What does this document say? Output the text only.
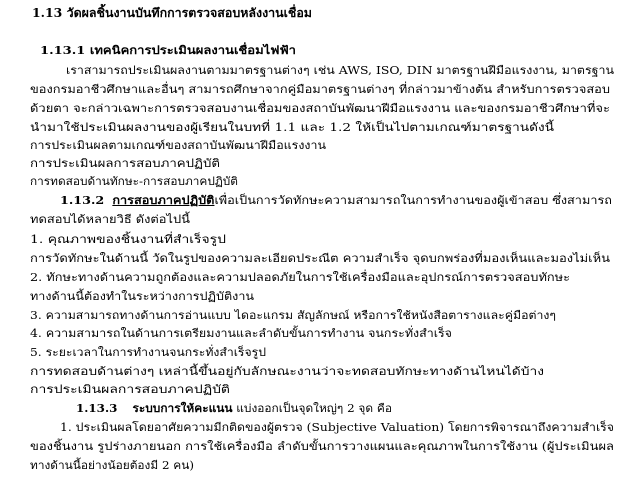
1.13 วัดผลชิ้นงานบันทึกการตรวจสอบหลังงานเชื่อม
1.13.1 เทคนิคการประเมินผลงานเชื่อมไฟฟ้า
เราสามารถประเมินผลงานตามมาตรฐานต่างๆ เช่น AWS, ISO, DIN มาตรฐานฝีมือแรงงาน, มาตรฐาน
ของกรมอาชีวศึกษาและอื่นๆ สามารถศึกษาจากคู่มือมาตรฐานต่างๆ ที่กล่าวมาข้างต้น สำหรับการตรวจสอบ
ด้วยตา จะกล่าวเฉพาะการตรวจสอบงานเชื่อมของสถาบันพัฒนาฝีมือแรงงาน และของกรมอาชีวศึกษาที่จะ
นำมาใช้ประเมินผลงานของผู้เรียนในบทที่ 1.1 และ 1.2 ให้เป็นไปตามเกณฑ์มาตรฐานดังนี้
การประเมินผลตามเกณฑ์ของสถาบันพัฒนาฝีมือแรงงาน
การประเมินผลการสอบภาคปฏิบัติ
การทดสอบด้านทักษะ-การสอบภาคปฏิบัติ
1.13.2 การสอบภาคปฏิบัติเพื่อเป็นการวัดทักษะความสามารถในการทำงานของผู้เข้าสอบ ซึ่งสามารถ
ทดสอบได้หลายวิธี ดังต่อไปนี้
1. คุณภาพของชิ้นงานที่สำเร็จรูป
การวัดทักษะในด้านนี้ วัดในรูปของความละเอียดประณีต ความสำเร็จ จุดบกพร่องที่มองเห็นและมองไม่เห็น
2. ทักษะทางด้านความถูกต้องและความปลอดภัยในการใช้เครื่องมือและอุปกรณ์การตรวจสอบทักษะ
ทางด้านนี้ต้องทำในระหว่างการปฏิบัติงาน
3. ความสามารถทางด้านการอ่านแบบ ไดอะแกรม สัญลักษณ์ หรือการใช้หนังสือตารางและคู่มือต่างๆ
4. ความสามารถในด้านการเตรียมงานและลำดับขั้นการทำงาน จนกระทั่งสำเร็จ
5. ระยะเวลาในการทำงานจนกระทั่งสำเร็จรูป
การทดสอบด้านต่างๆ เหล่านี้ขึ้นอยู่กับลักษณะงานว่าจะทดสอบทักษะทางด้านไหนได้บ้าง
การประเมินผลการสอบภาคปฏิบัติ
1.13.3 ระบบการให้คะแนน แบ่งออกเป็นจุดใหญ่ๆ 2 จุด คือ
1. ประเมินผลโดยอาศัยความมีกติดของผู้ตรวจ (Subjective Valuation) โดยการพิจารณาถึงความสำเร็จ
ของชิ้นงาน รูปร่างภายนอก การใช้เครื่องมือ ลำดับขั้นการวางแผนและคุณภาพในการใช้งาน (ผู้ประเมินผล
ทางด้านนี้อย่างน้อยต้องมี 2 คน)
